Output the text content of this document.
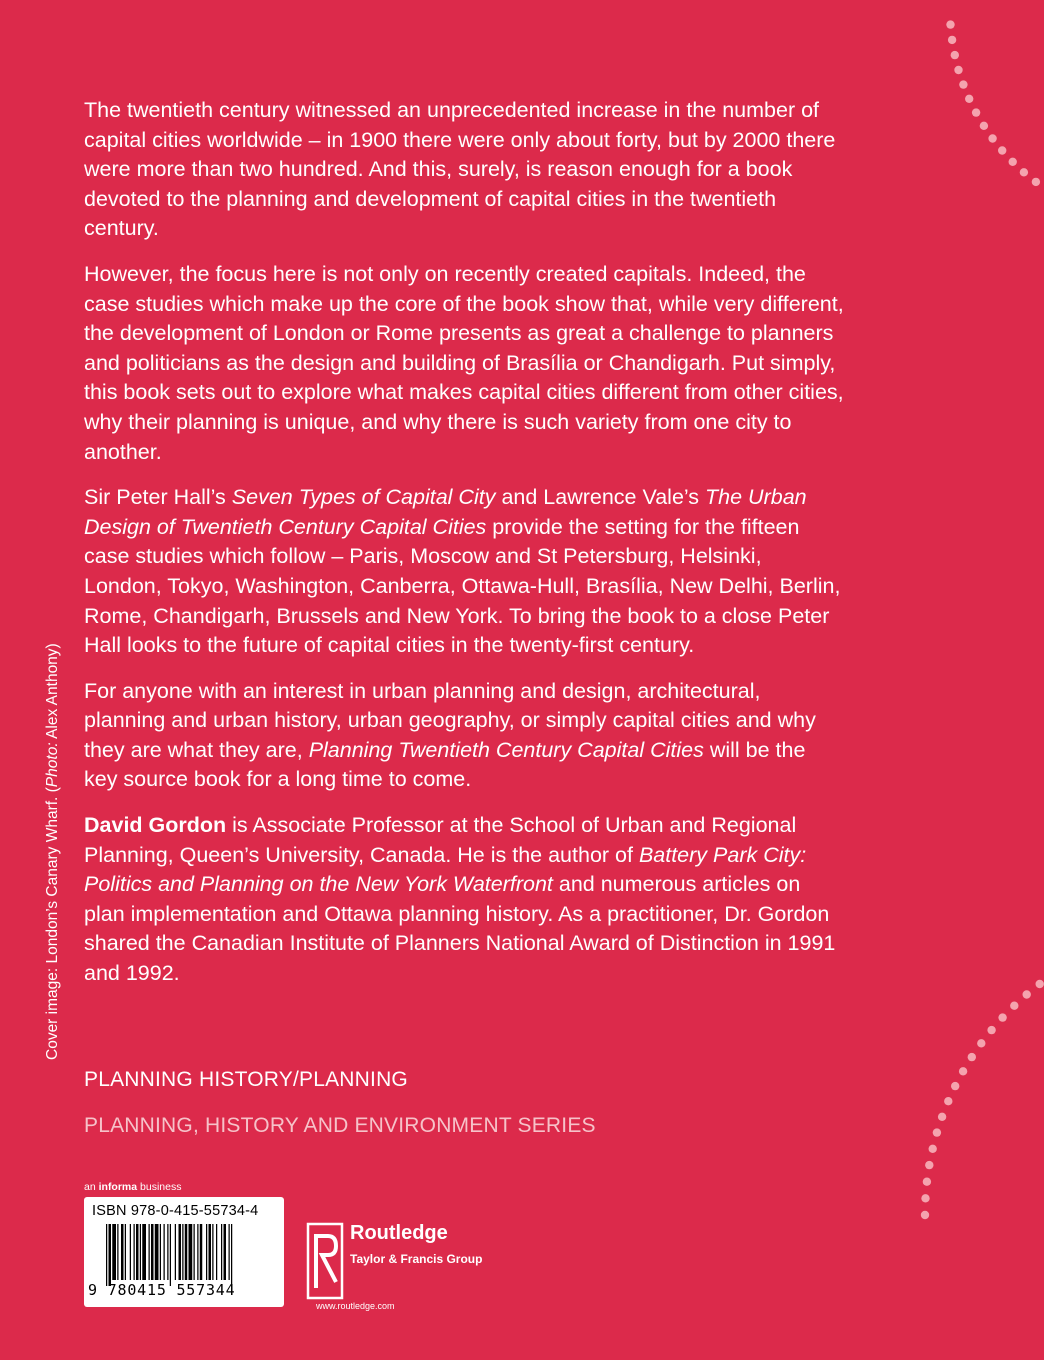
The twentieth century witnessed an unprecedented increase in the number of capital cities worldwide – in 1900 there were only about forty, but by 2000 there were more than two hundred. And this, surely, is reason enough for a book devoted to the planning and development of capital cities in the twentieth century.

However, the focus here is not only on recently created capitals. Indeed, the case studies which make up the core of the book show that, while very different, the development of London or Rome presents as great a challenge to planners and politicians as the design and building of Brasília or Chandigarh. Put simply, this book sets out to explore what makes capital cities different from other cities, why their planning is unique, and why there is such variety from one city to another.

Sir Peter Hall’s Seven Types of Capital City and Lawrence Vale’s The Urban Design of Twentieth Century Capital Cities provide the setting for the fifteen case studies which follow – Paris, Moscow and St Petersburg, Helsinki, London, Tokyo, Washington, Canberra, Ottawa-Hull, Brasília, New Delhi, Berlin, Rome, Chandigarh, Brussels and New York. To bring the book to a close Peter Hall looks to the future of capital cities in the twenty-first century.

For anyone with an interest in urban planning and design, architectural, planning and urban history, urban geography, or simply capital cities and why they are what they are, Planning Twentieth Century Capital Cities will be the key source book for a long time to come.

David Gordon is Associate Professor at the School of Urban and Regional Planning, Queen’s University, Canada. He is the author of Battery Park City: Politics and Planning on the New York Waterfront and numerous articles on plan implementation and Ottawa planning history. As a practitioner, Dr. Gordon shared the Canadian Institute of Planners National Award of Distinction in 1991 and 1992.

PLANNING HISTORY/PLANNING
PLANNING, HISTORY AND ENVIRONMENT SERIES
Cover image: London’s Canary Wharf. (Photo: Alex Anthony)
an informa business
ISBN 978-0-415-55734-4
9 780415 557344
Routledge
Taylor & Francis Group
www.routledge.com
